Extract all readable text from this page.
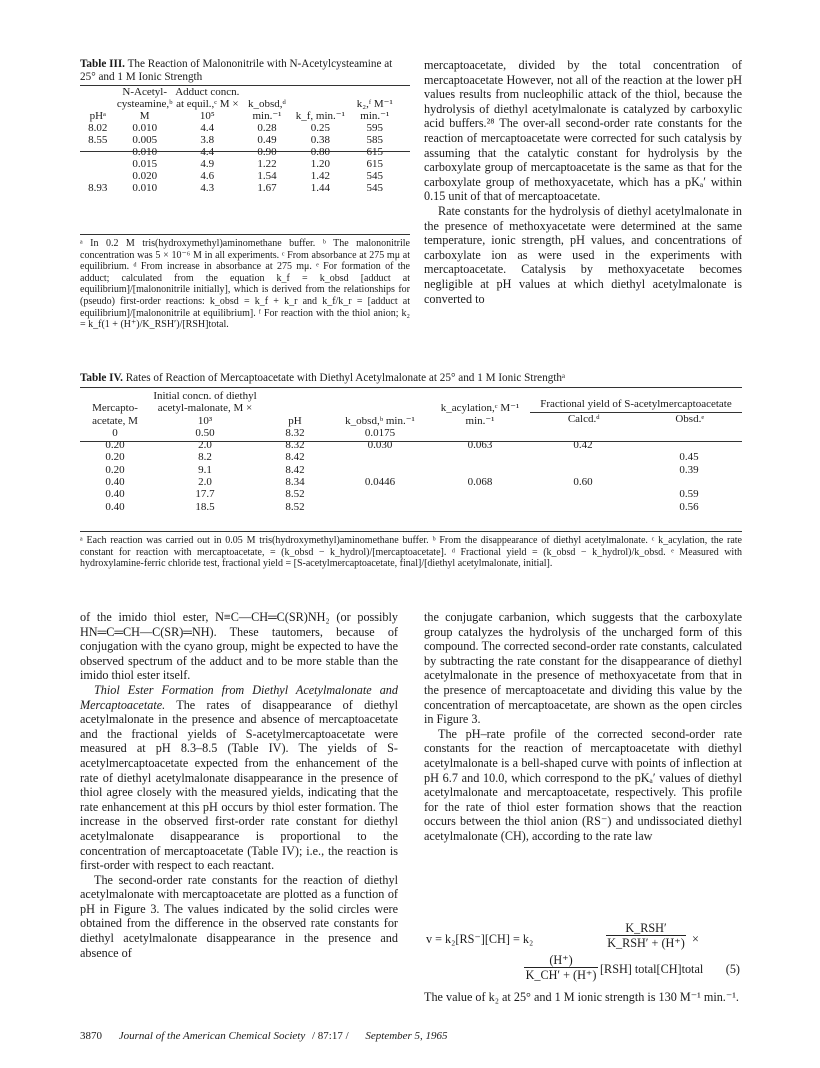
Table III. The Reaction of Malononitrile with N-Acetylcysteamine at 25° and 1 M Ionic Strength
pHᵃ	N-Acetyl-cysteamine,ᵇ M	Adduct concn. at equil.,ᶜ M × 10⁵	k_obsd,ᵈ min.⁻¹	k_f, min.⁻¹	k₂,ᶠ M⁻¹ min.⁻¹
8.02	0.010	4.4	0.28	0.25	595
8.55	0.005	3.8	0.49	0.38	585
	0.010	4.4	0.90	0.80	615
	0.015	4.9	1.22	1.20	615
	0.020	4.6	1.54	1.42	545
8.93	0.010	4.3	1.67	1.44	545
ᵃ In 0.2 M tris(hydroxymethyl)aminomethane buffer. ᵇ The malononitrile concentration was 5 × 10⁻⁶ M in all experiments. ᶜ From absorbance at 275 mμ at equilibrium. ᵈ From increase in absorbance at 275 mμ. ᵉ For formation of the adduct; calculated from the equation k_f = k_obsd [adduct at equilibrium]/[malononitrile initially], which is derived from the relationships for (pseudo) first-order reactions: k_obsd = k_f + k_r and k_f/k_r = [adduct at equilibrium]/[malononitrile at equilibrium]. ᶠ For reaction with the thiol anion; k₂ = k_f(1 + (H⁺)/K_RSH′)/[RSH]total.

mercaptoacetate, divided by the total concentration of mercaptoacetate However, not all of the reaction at the lower pH values results from nucleophilic attack of the thiol, because the hydrolysis of diethyl acetylmalonate is catalyzed by carboxylic acid buffers.²⁸ The over-all second-order rate constants for the reaction of mercaptoacetate were corrected for such catalysis by assuming that the catalytic constant for hydrolysis by the carboxylate group of mercaptoacetate is the same as that for the carboxylate group of methoxyacetate, which has a pKₐ′ within 0.15 unit of that of mercaptoacetate.

Rate constants for the hydrolysis of diethyl acetylmalonate in the presence of methoxyacetate were determined at the same temperature, ionic strength, pH values, and concentrations of carboxylate ion as were used in the experiments with mercaptoacetate. Catalysis by methoxyacetate becomes negligible at pH values at which diethyl acetylmalonate is converted to

Table IV. Rates of Reaction of Mercaptoacetate with Diethyl Acetylmalonate at 25° and 1 M Ionic Strengthᵃ
Mercapto-acetate, M	Initial concn. of diethyl acetyl-malonate, M × 10³	pH	k_obsd,ᵇ min.⁻¹	k_acylation,ᶜ M⁻¹ min.⁻¹	Fractional yield of S-acetylmercaptoacetate
Calcd.ᵈ Obsd.ᵉ	

0	0.50	8.32	0.0175			
0.20	2.0	8.32	0.030	0.063	0.42	
0.20	8.2	8.42				0.45
0.20	9.1	8.42				0.39
0.40	2.0	8.34	0.0446	0.068	0.60	
0.40	17.7	8.52				0.59
0.40	18.5	8.52				0.56
ᵃ Each reaction was carried out in 0.05 M tris(hydroxymethyl)aminomethane buffer. ᵇ From the disappearance of diethyl acetylmalonate. ᶜ k_acylation, the rate constant for reaction with mercaptoacetate, = (k_obsd − k_hydrol)/[mercaptoacetate]. ᵈ Fractional yield = (k_obsd − k_hydrol)/k_obsd. ᵉ Measured with hydroxylamine-ferric chloride test, fractional yield = [S-acetylmercaptoacetate, final]/[diethyl acetylmalonate, initial].

of the imido thiol ester, N≡C—CH═C(SR)NH₂ (or possibly HN═C═CH—C(SR)═NH). These tautomers, because of conjugation with the cyano group, might be expected to have the observed spectrum of the adduct and to be more stable than the imido thiol ester itself.

Thiol Ester Formation from Diethyl Acetylmalonate and Mercaptoacetate. The rates of disappearance of diethyl acetylmalonate in the presence and absence of mercaptoacetate and the fractional yields of S-acetylmercaptoacetate were measured at pH 8.3–8.5 (Table IV). The yields of S-acetylmercaptoacetate expected from the enhancement of the rate of diethyl acetylmalonate disappearance in the presence of thiol agree closely with the measured yields, indicating that the rate enhancement at this pH occurs by thiol ester formation. The increase in the observed first-order rate constant for diethyl acetylmalonate disappearance is proportional to the concentration of mercaptoacetate (Table IV); i.e., the reaction is first-order with respect to each reactant.

The second-order rate constants for the reaction of diethyl acetylmalonate with mercaptoacetate are plotted as a function of pH in Figure 3. The values indicated by the solid circles were obtained from the difference in the observed rate constants for diethyl acetylmalonate disappearance in the presence and absence of

the conjugate carbanion, which suggests that the carboxylate group catalyzes the hydrolysis of the uncharged form of this compound. The corrected second-order rate constants, calculated by subtracting the rate constant for the disappearance of diethyl acetylmalonate in the presence of methoxyacetate from that in the presence of mercaptoacetate and dividing this value by the concentration of mercaptoacetate, are shown as the open circles in Figure 3.

The pH–rate profile of the corrected second-order rate constants for the reaction of mercaptoacetate with diethyl acetylmalonate is a bell-shaped curve with points of inflection at pH 6.7 and 10.0, which correspond to the pKₐ′ values of diethyl acetylmalonate and mercaptoacetate, respectively. This profile for the rate of thiol ester formation shows that the reaction occurs between the thiol anion (RS⁻) and undissociated diethyl acetylmalonate (CH), according to the rate law

v = k₂[RS⁻][CH] = k₂
K_RSH′
K_RSH′ + (H⁺) ×
$\frac{(H^+)}{K\_CH' + (H^+)} [RSH]$ total[CH]total (5)

The value of k₂ at 25° and 1 M ionic strength is 130 M⁻¹ min.⁻¹.

3870 Journal of the American Chemical Society / 87:17 / September 5, 1965
